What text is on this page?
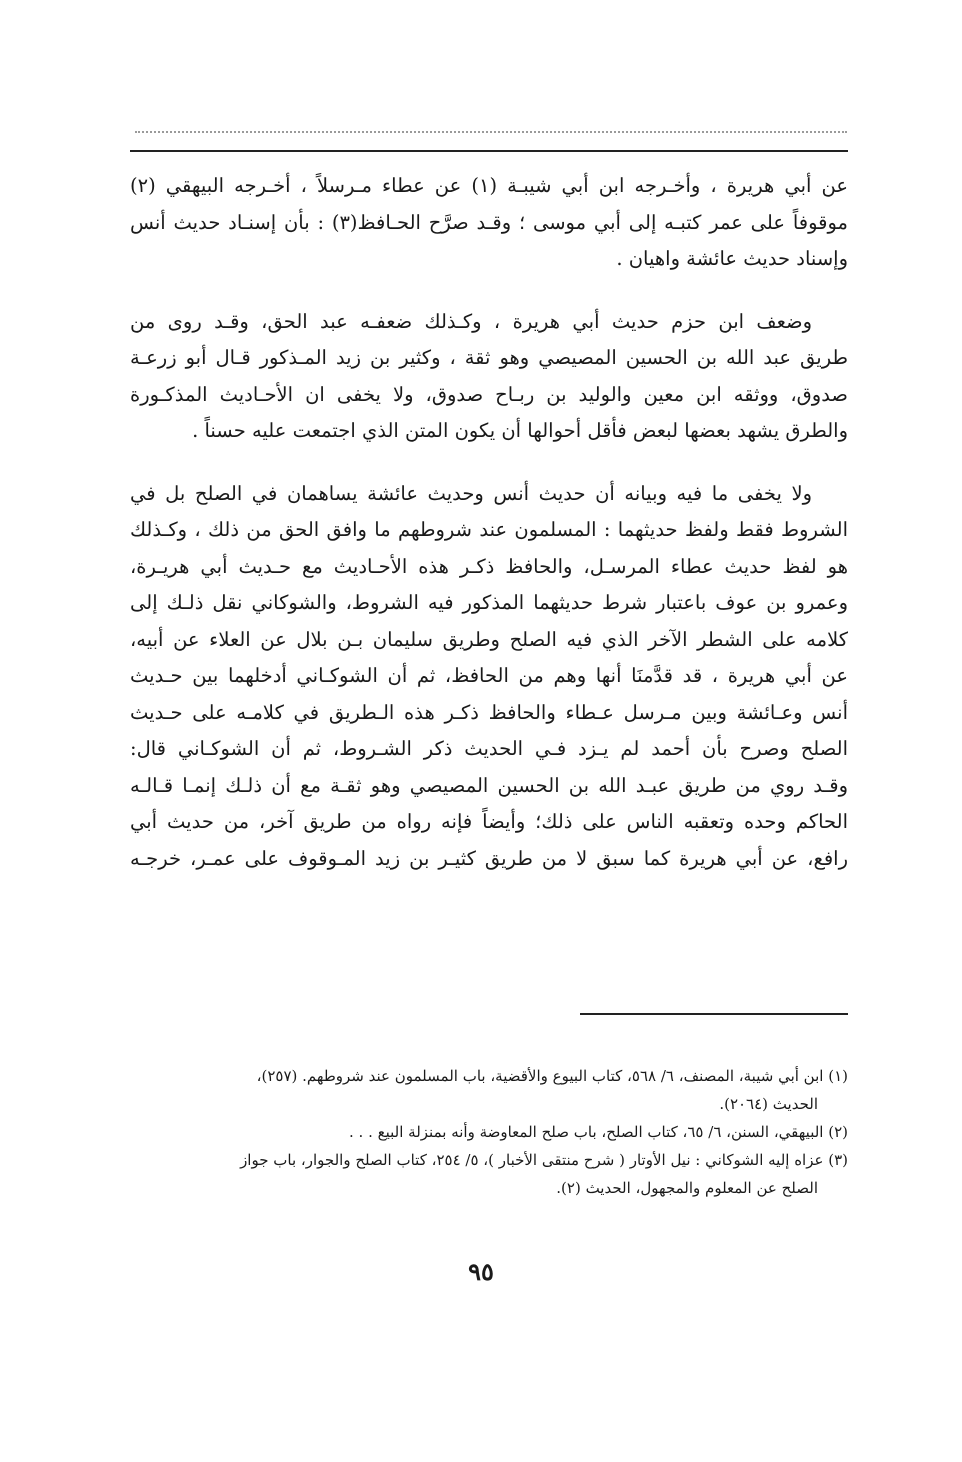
عن أبي هريرة ، وأخـرجه ابن أبي شيبـة (١) عن عطاء مـرسلاً ، أخـرجه البيهقي (٢)
موقوفاً على عمر كتبـه إلى أبي موسى ؛ وقـد صرَّح الحـافظ(٣) : بأن إسنـاد حديث أنس
وإسناد حديث عائشة واهيان .

وضعف ابن حزم حديث أبي هريرة ، وكـذلك ضعفـه عبد الحق، وقـد روى من
طريق عبد الله بن الحسين المصيصي وهو ثقة ، وكثير بن زيد المـذكور قـال أبو زرعـة
صدوق، ووثقه ابن معين والوليد بن ربـاح صدوق، ولا يخفى ان الأحـاديث المذكـورة
والطرق يشهد بعضها لبعض فأقل أحوالها أن يكون المتن الذي اجتمعت عليه حسناً .

ولا يخفى ما فيه وبيانه أن حديث أنس وحديث عائشة يساهمان في الصلح بل في
الشروط فقط ولفظ حديثهما : المسلمون عند شروطهم ما وافق الحق من ذلك ، وكـذلك
هو لفظ حديث عطاء المرسـل، والحافظ ذكـر هذه الأحـاديث مع حـديث أبي هريـرة،
وعمرو بن عوف باعتبار شرط حديثهما المذكور فيه الشروط، والشوكاني نقل ذلـك إلى
كلامه على الشطر الآخر الذي فيه الصلح وطريق سليمان بـن بلال عن العلاء عن أبيه،
عن أبي هريرة ، قد قدَّمنَا أنها وهم من الحافظ، ثم أن الشوكـاني أدخلهما بين حـديث
أنس وعـائشة وبين مـرسل عـطاء والحافظ ذكـر هذه الـطريق في كلامـه على حـديث
الصلح وصرح بأن أحمد لم يـزد فـي الحديث ذكر الشـروط، ثم أن الشوكـاني قال:
وقـد روي من طريق عبـد الله بن الحسين المصيصي وهو ثقـة مع أن ذلـك إنمـا قـالـه
الحاكم وحده وتعقبه الناس على ذلك؛ وأيضاً فإنه رواه من طريق آخر، من حديث أبي
رافع، عن أبي هريرة كما سبق لا من طريق كثيـر بن زيد المـوقوف على عمـر، خرجـه

(١) ابن أبي شيبة، المصنف، ٦/ ٥٦٨، كتاب البيوع والأقضية، باب المسلمون عند شروطهم. (٢٥٧)،
الحديث (٢٠٦٤).
(٢) البيهقي، السنن، ٦/ ٦٥، كتاب الصلح، باب صلح المعاوضة وأنه بمنزلة البيع . . .
(٣) عزاه إليه الشوكاني : نيل الأوتار ( شرح منتقى الأخبار )، ٥/ ٢٥٤، كتاب الصلح والجوار، باب جواز
الصلح عن المعلوم والمجهول، الحديث (٢).
٩٥
